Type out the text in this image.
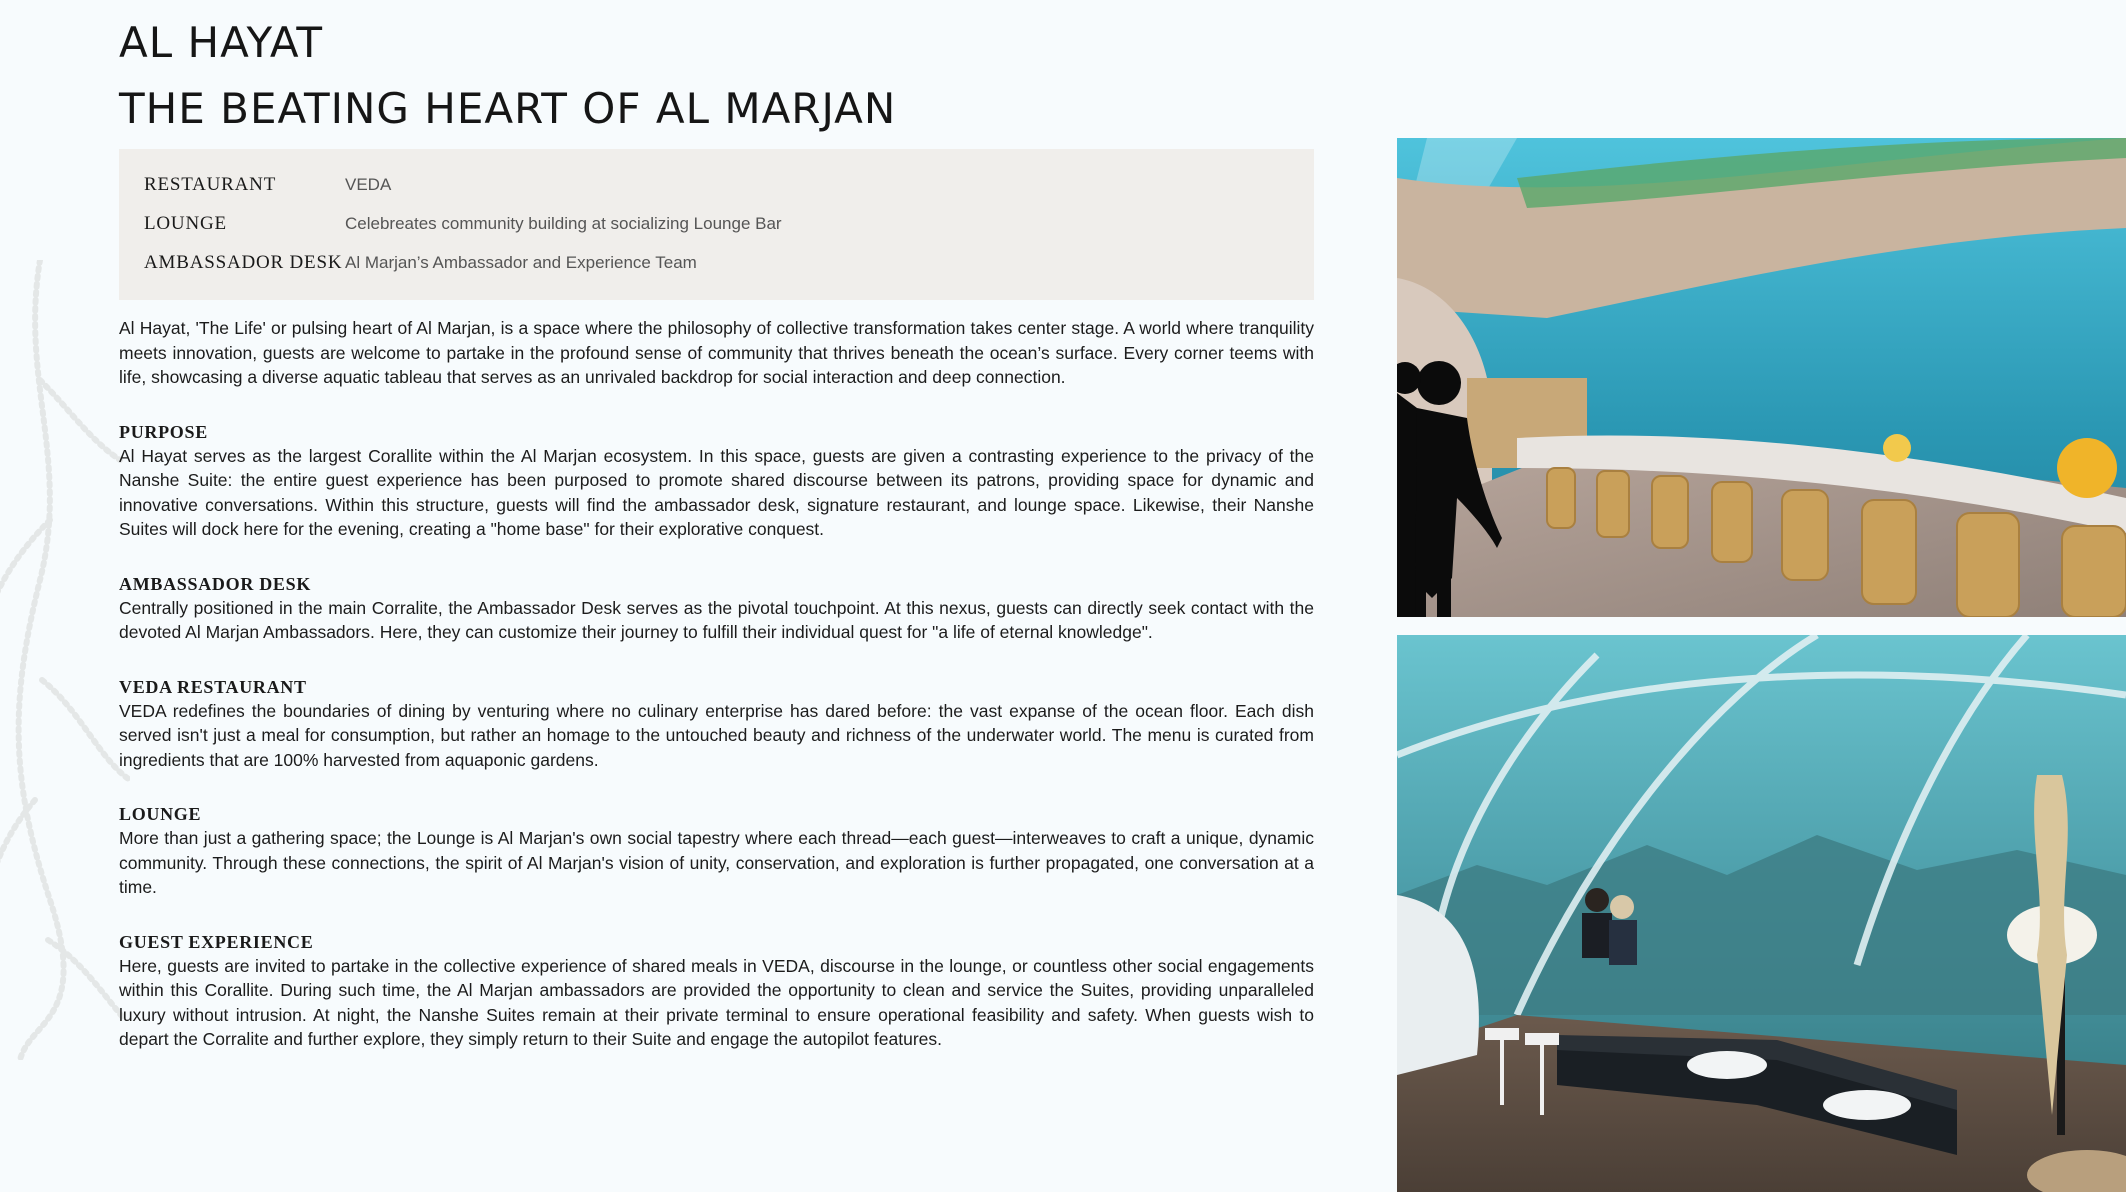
AL HAYAT
THE BEATING HEART OF AL MARJAN
RESTAURANT	VEDA
LOUNGE	Celebreates community building at socializing Lounge Bar
AMBASSADOR DESK Al Marjan’s Ambassador and Experience Team

Al Hayat, 'The Life' or pulsing heart of Al Marjan, is a space where the philosophy of collective transformation takes center stage. A world where tranquility meets innovation, guests are welcome to partake in the profound sense of community that thrives beneath the ocean’s surface. Every corner teems with life, showcasing a diverse aquatic tableau that serves as an unrivaled backdrop for social interaction and deep connection.

PURPOSE

Al Hayat serves as the largest Corallite within the Al Marjan ecosystem. In this space, guests are given a contrasting experience to the privacy of the Nanshe Suite: the entire guest experience has been purposed to promote shared discourse between its patrons, providing space for dynamic and innovative conversations. Within this structure, guests will find the ambassador desk, signature restaurant, and lounge space. Likewise, their Nanshe Suites will dock here for the evening, creating a "home base" for their explorative conquest.

AMBASSADOR DESK

Centrally positioned in the main Corralite, the Ambassador Desk serves as the pivotal touchpoint. At this nexus, guests can directly seek contact with the devoted Al Marjan Ambassadors. Here, they can customize their journey to fulfill their individual quest for "a life of eternal knowledge".

VEDA RESTAURANT

VEDA redefines the boundaries of dining by venturing where no culinary enterprise has dared before: the vast expanse of the ocean floor. Each dish served isn't just a meal for consumption, but rather an homage to the untouched beauty and richness of the underwater world. The menu is curated from ingredients that are 100% harvested from aquaponic gardens.

LOUNGE

More than just a gathering space; the Lounge is Al Marjan's own social tapestry where each thread—each guest—interweaves to craft a unique, dynamic community. Through these connections, the spirit of Al Marjan's vision of unity, conservation, and exploration is further propagated, one conversation at a time.

GUEST EXPERIENCE

Here, guests are invited to partake in the collective experience of shared meals in VEDA, discourse in the lounge, or countless other social engagements within this Corallite. During such time, the Al Marjan ambassadors are provided the opportunity to clean and service the Suites, providing unparalleled luxury without intrusion. At night, the Nanshe Suites remain at their private terminal to ensure operational feasibility and safety. When guests wish to depart the Corralite and further explore, they simply return to their Suite and engage the autopilot features.
